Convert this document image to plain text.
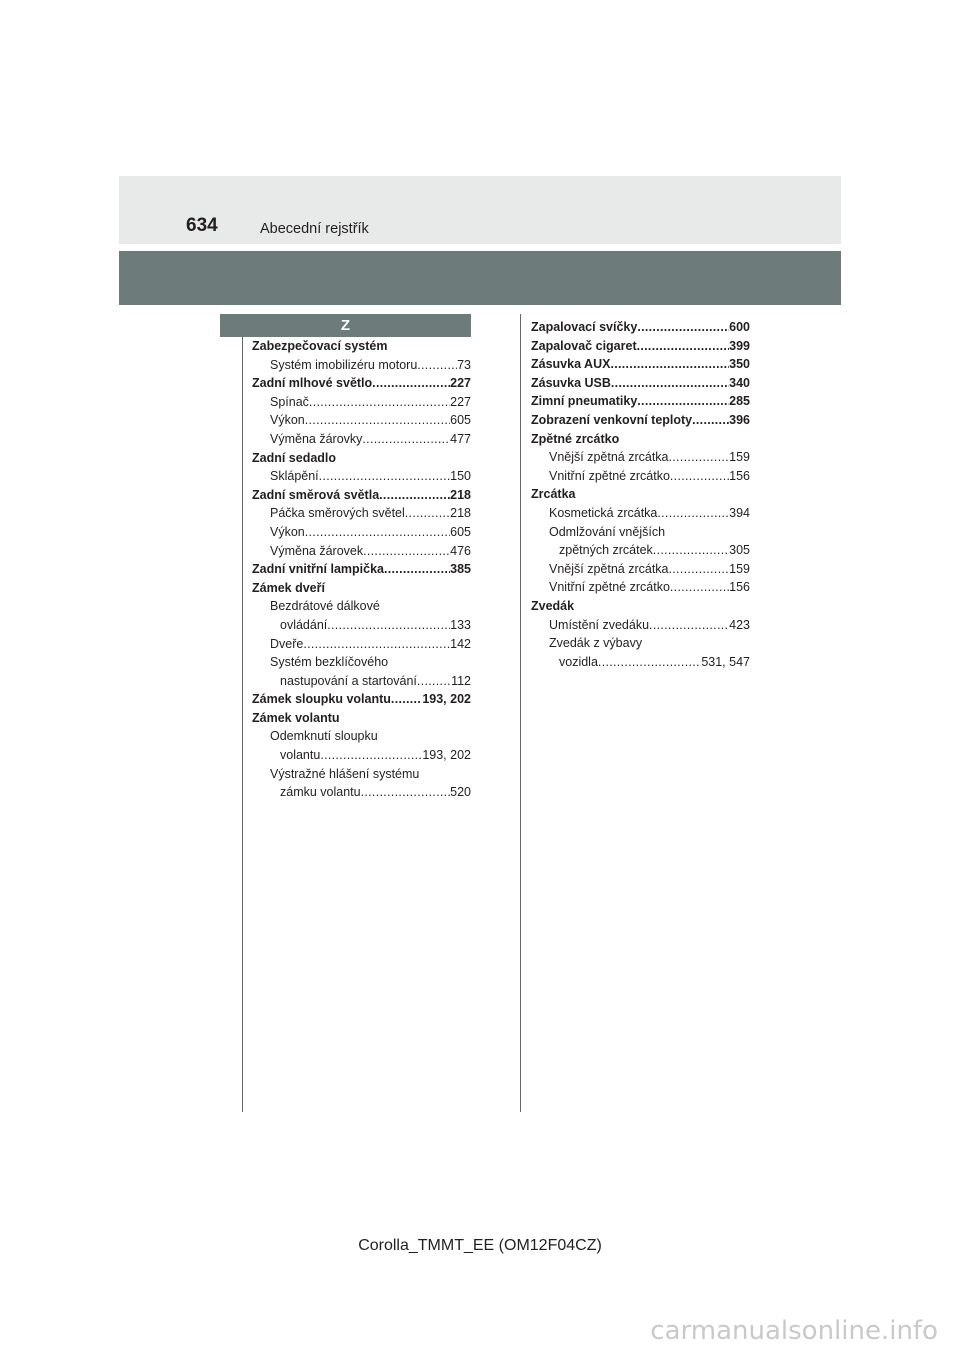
634	Abecední rejstřík
Z
Zabezpečovací systém
Systém imobilizéru motoru .....	73
Zadní mlhové světlo .....	227
Spínač .....	227
Výkon .....	605
Výměna žárovky .....	477
Zadní sedadlo
Sklápění .....	150
Zadní směrová světla .....	218
Páčka směrových světel .....	218
Výkon .....	605
Výměna žárovek .....	476
Zadní vnitřní lampička .....	385
Zámek dveří
Bezdrátové dálkové
ovládání .....	133
Dveře .....	142
Systém bezklíčového
nastupování a startování .....	112
Zámek sloupku volantu .....	193, 202
Zámek volantu
Odemknutí sloupku
volantu .....	193, 202
Výstražné hlášení systému
zámku volantu .....	520
Zapalovací svíčky .....	600
Zapalovač cigaret .....	399
Zásuvka AUX .....	350
Zásuvka USB .....	340
Zimní pneumatiky .....	285
Zobrazení venkovní teploty .....	396
Zpětné zrcátko
Vnější zpětná zrcátka .....	159
Vnitřní zpětné zrcátko .....	156
Zrcátka
Kosmetická zrcátka .....	394
Odmlžování vnějších
zpětných zrcátek .....	305
Vnější zpětná zrcátka .....	159
Vnitřní zpětné zrcátko .....	156
Zvedák
Umístění zvedáku .....	423
Zvedák z výbavy
vozidla .....	531, 547
Corolla_TMMT_EE (OM12F04CZ)
carmanualsonline.info
